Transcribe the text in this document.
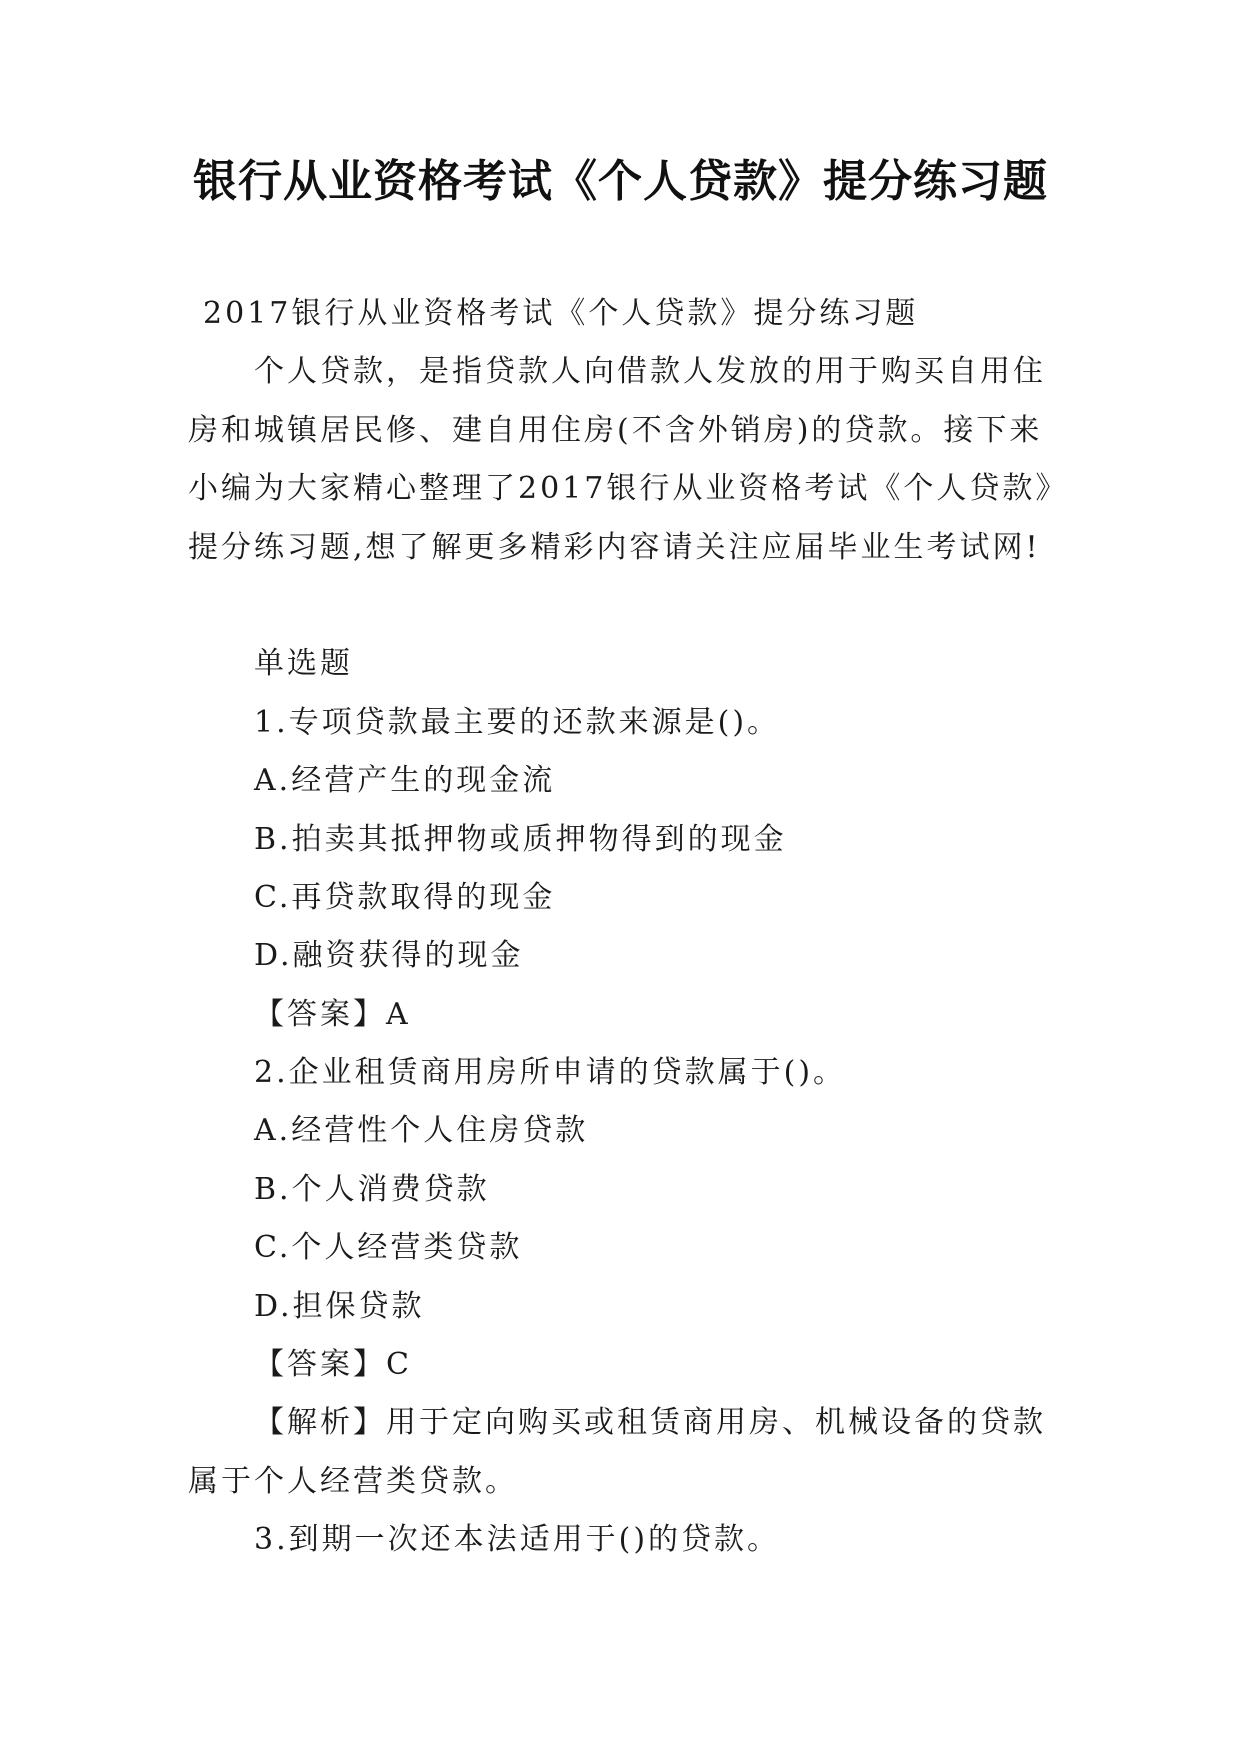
银行从业资格考试《个人贷款》提分练习题
2017银行从业资格考试《个人贷款》提分练习题
个人贷款，是指贷款人向借款人发放的用于购买自用住
房和城镇居民修、建自用住房(不含外销房)的贷款。接下来
小编为大家精心整理了2017银行从业资格考试《个人贷款》
提分练习题,想了解更多精彩内容请关注应届毕业生考试网!
单选题
1.专项贷款最主要的还款来源是()。
A.经营产生的现金流
B.拍卖其抵押物或质押物得到的现金
C.再贷款取得的现金
D.融资获得的现金
【答案】A
2.企业租赁商用房所申请的贷款属于()。
A.经营性个人住房贷款
B.个人消费贷款
C.个人经营类贷款
D.担保贷款
【答案】C
【解析】用于定向购买或租赁商用房、机械设备的贷款
属于个人经营类贷款。
3.到期一次还本法适用于()的贷款。
